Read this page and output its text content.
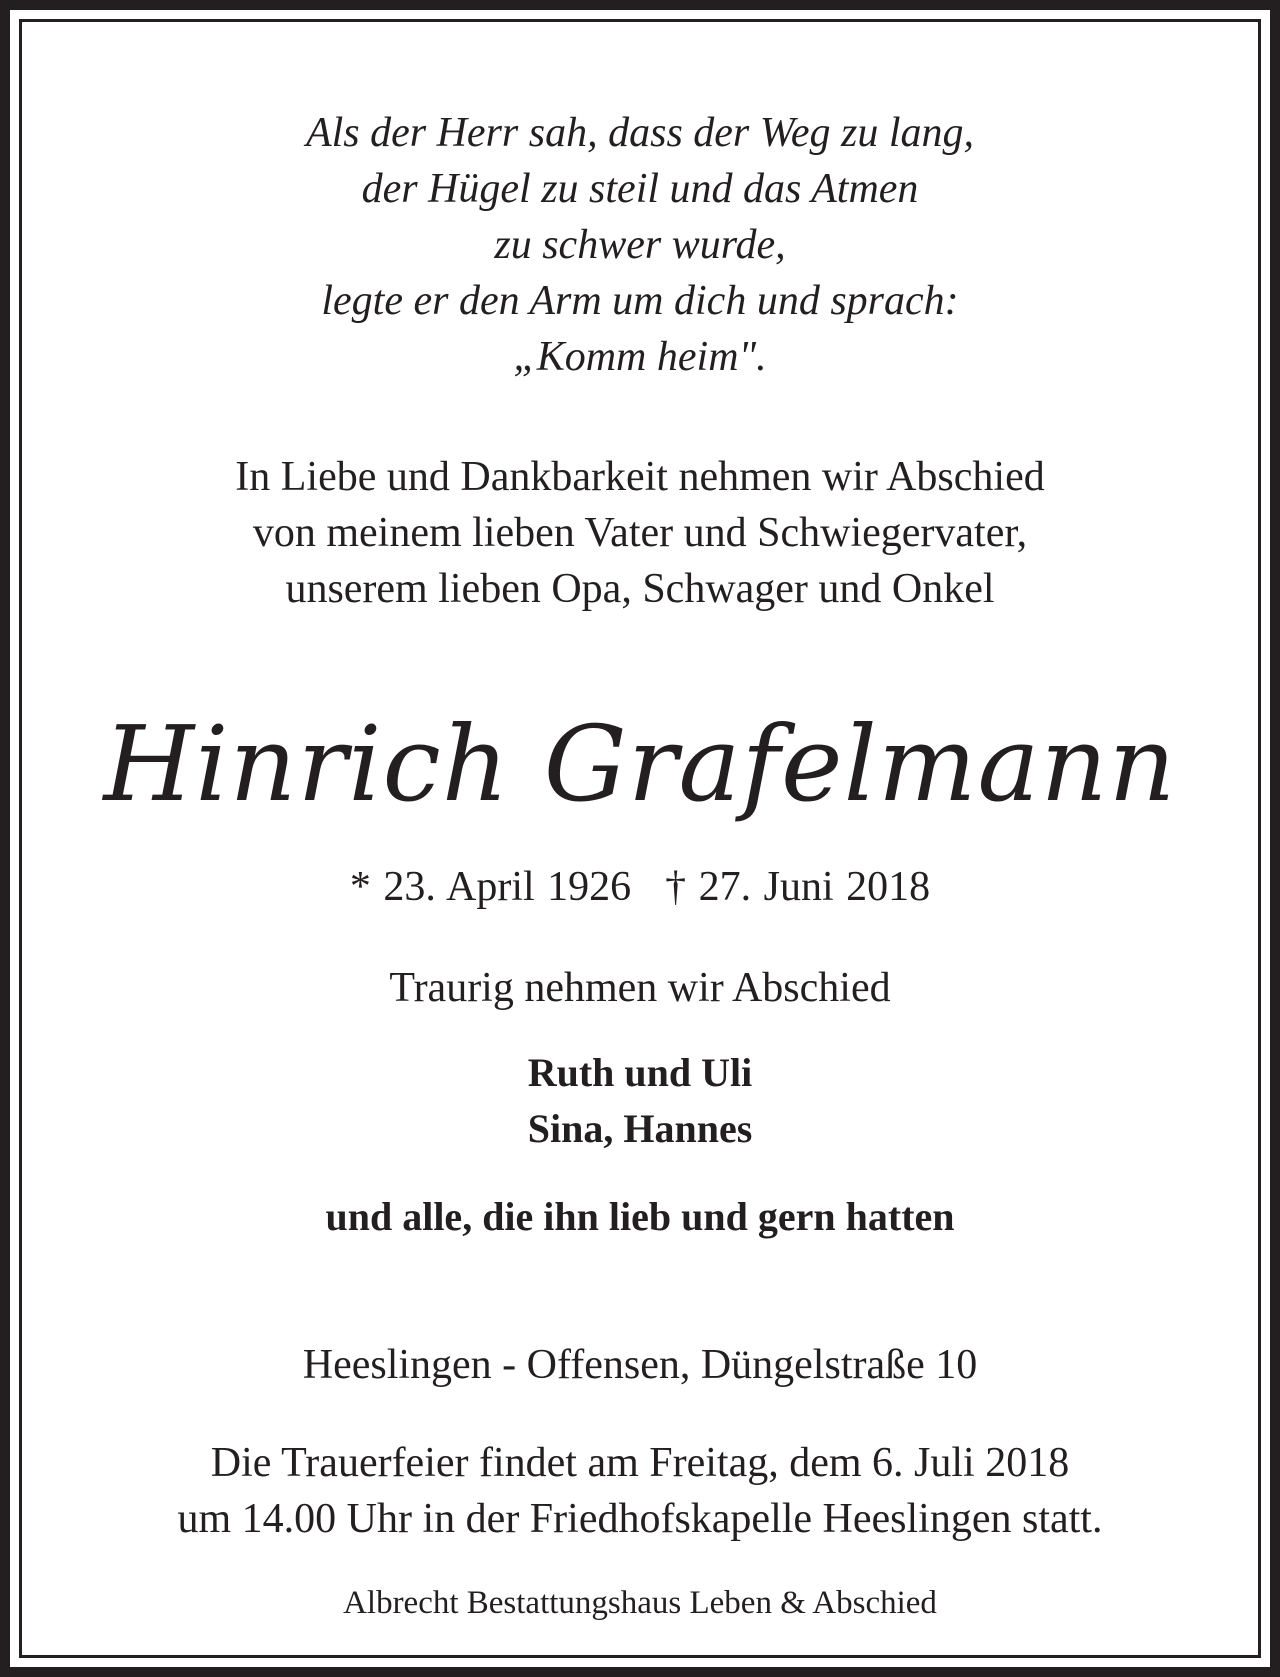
Als der Herr sah, dass der Weg zu lang,
der Hügel zu steil und das Atmen
zu schwer wurde,
legte er den Arm um dich und sprach:
„Komm heim".
In Liebe und Dankbarkeit nehmen wir Abschied
von meinem lieben Vater und Schwiegervater,
unserem lieben Opa, Schwager und Onkel
Hinrich Grafelmann
* 23. April 1926 † 27. Juni 2018
Traurig nehmen wir Abschied
Ruth und Uli
Sina, Hannes
und alle, die ihn lieb und gern hatten
Heeslingen - Offensen, Düngelstraße 10
Die Trauerfeier findet am Freitag, dem 6. Juli 2018
um 14.00 Uhr in der Friedhofskapelle Heeslingen statt.
Albrecht Bestattungshaus Leben & Abschied
